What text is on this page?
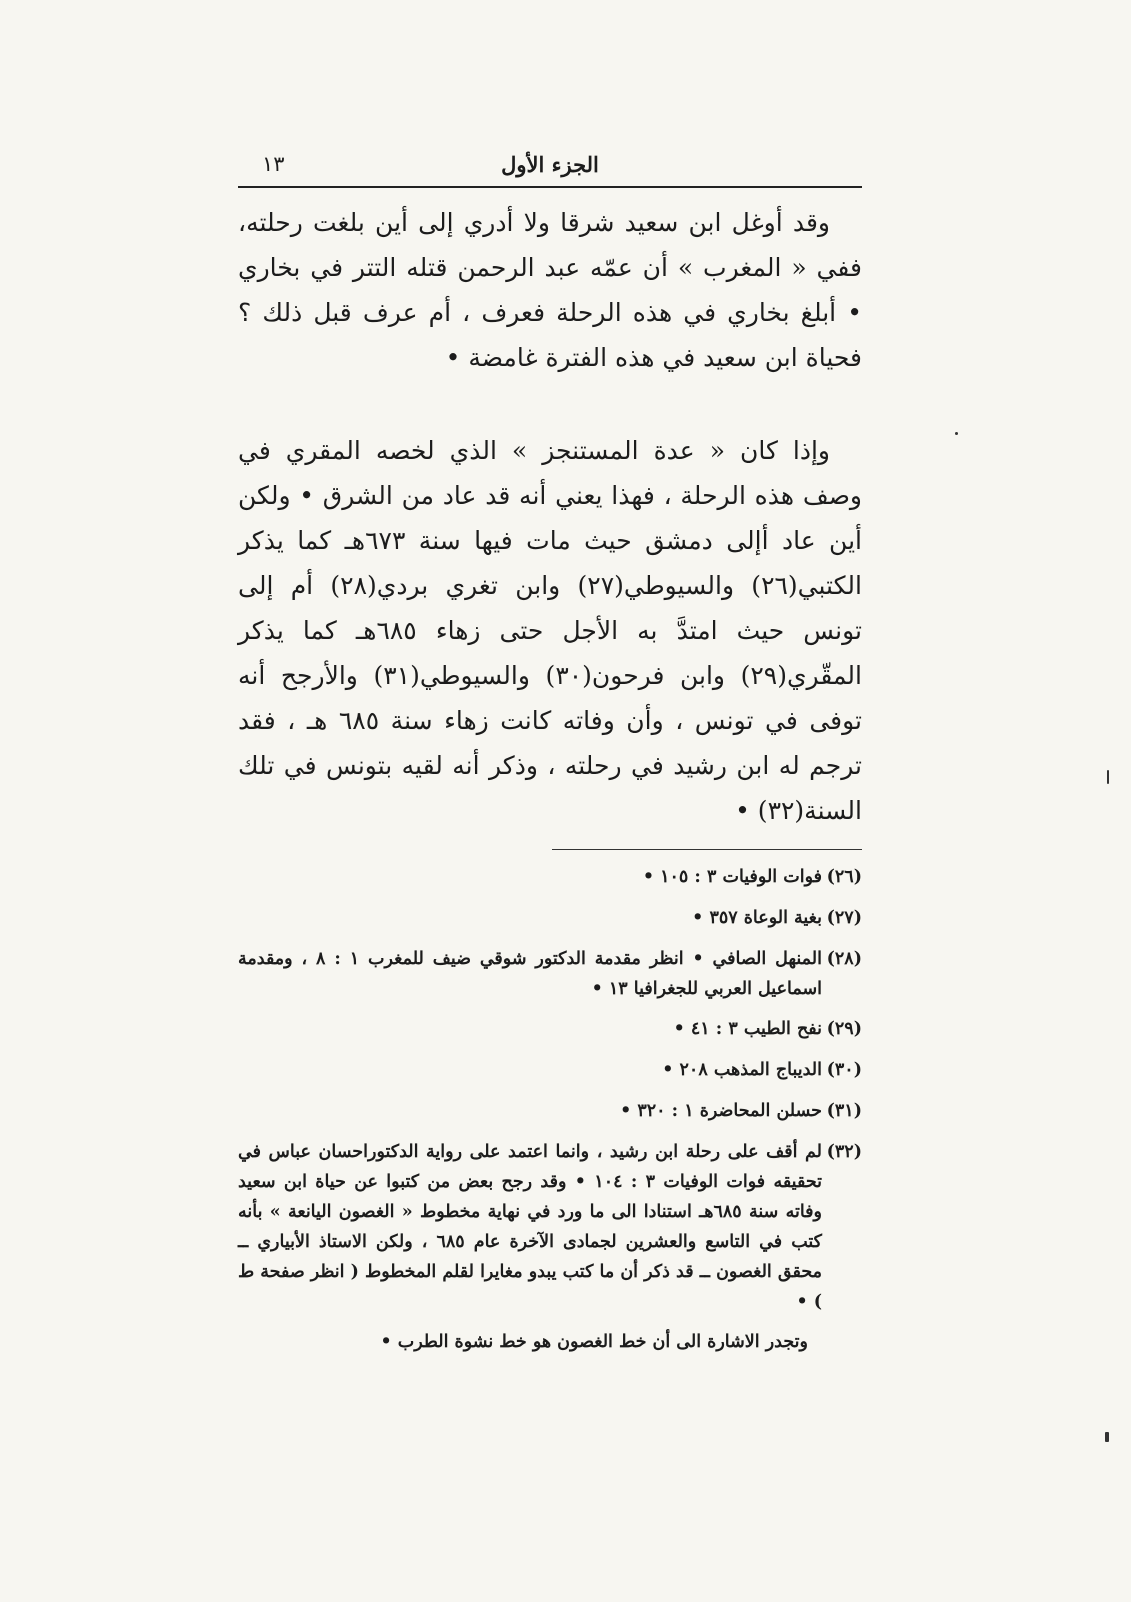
الجزء الأول
١٣

وقد أوغل ابن سعيد شرقا ولا أدري إلى أين بلغت رحلته، ففي « المغرب » أن عمّه عبد الرحمن قتله التتر في بخاري • أبلغ بخاري في هذه الرحلة فعرف ، أم عرف قبل ذلك ؟ فحياة ابن سعيد في هذه الفترة غامضة •

وإذا كان « عدة المستنجز » الذي لخصه المقري في وصف هذه الرحلة ، فهذا يعني أنه قد عاد من الشرق • ولكن أين عاد أإلى دمشق حيث مات فيها سنة ٦٧٣هـ كما يذكر الكتبي(٢٦) والسيوطي(٢٧) وابن تغري بردي(٢٨) أم إلى تونس حيث امتدَّ به الأجل حتى زهاء ٦٨٥هـ كما يذكر المقّري(٢٩) وابن فرحون(٣٠) والسيوطي(٣١) والأرجح أنه توفى في تونس ، وأن وفاته كانت زهاء سنة ٦٨٥ هـ ، فقد ترجم له ابن رشيد في رحلته ، وذكر أنه لقيه بتونس في تلك السنة(٣٢) •

(٢٦)
فوات الوفيات ٣ : ١٠٥ •
(٢٧)
بغية الوعاة ٣٥٧ •
(٢٨)
المنهل الصافي • انظر مقدمة الدكتور شوقي ضيف للمغرب ١ : ٨ ، ومقدمة اسماعيل العربي للجغرافيا ١٣ •
(٢٩)
نفح الطيب ٣ : ٤١ •
(٣٠)
الديباج المذهب ٢٠٨ •
(٣١)
حسلن المحاضرة ١ : ٣٢٠ •
(٣٢)
لم أقف على رحلة ابن رشيد ، وانما اعتمد على رواية الدكتوراحسان عباس في تحقيقه فوات الوفيات ٣ : ١٠٤ • وقد رجح بعض من كتبوا عن حياة ابن سعيد وفاته سنة ٦٨٥هـ استنادا الى ما ورد في نهاية مخطوط « الغصون اليانعة » بأنه كتب في التاسع والعشرين لجمادى الآخرة عام ٦٨٥ ، ولكن الاستاذ الأبياري ــ محقق الغصون ــ قد ذكر أن ما كتب يبدو مغايرا لقلم المخطوط ( انظر صفحة ط ) •
وتجدر الاشارة الى أن خط الغصون هو خط نشوة الطرب •
